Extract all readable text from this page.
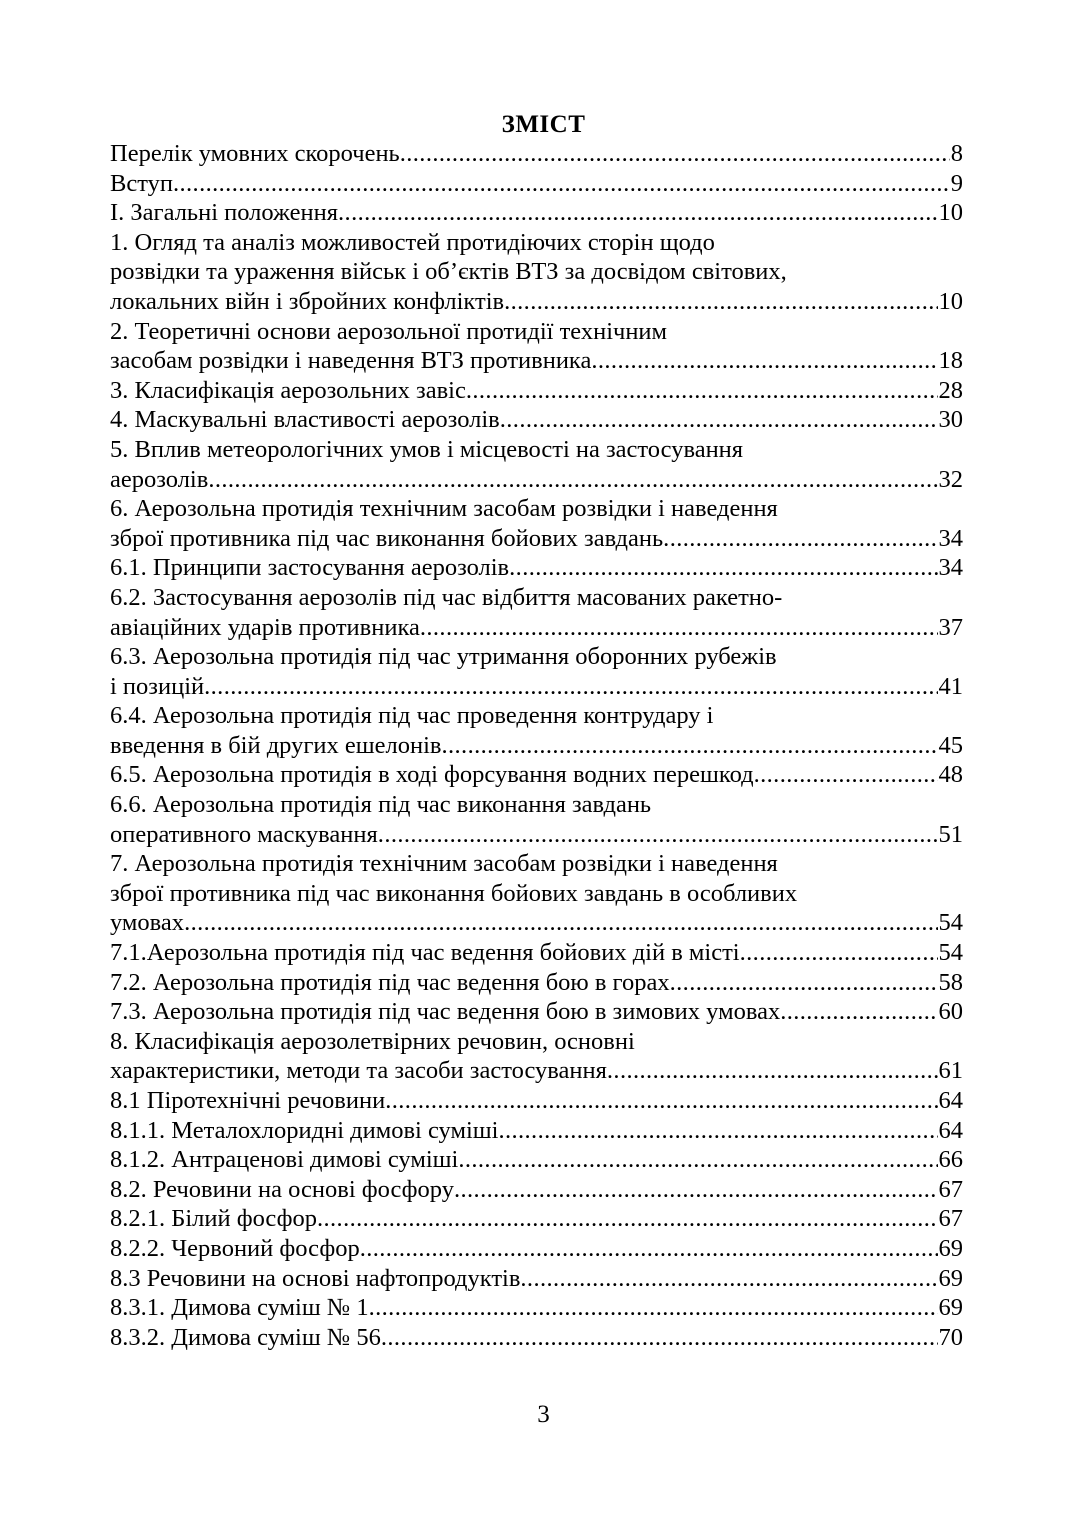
ЗМІСТ
Перелік умовних скорочень .....	8
Вступ .....	9
І. Загальні положення .....	10
1. Огляд та аналіз можливостей протидіючих сторін щодо
розвідки та ураження військ і об’єктів ВТЗ за досвідом світових,
локальних війн і збройних конфліктів .....	10
2. Теоретичні основи аерозольної протидії технічним
засобам розвідки і наведення ВТЗ противника .....	18
3. Класифікація аерозольних завіс .....	28
4. Маскувальні властивості аерозолів .....	30
5. Вплив метеорологічних умов і місцевості на застосування
аерозолів .....	32
6. Аерозольна протидія технічним засобам розвідки і наведення
зброї противника під час виконання бойових завдань .....	34
6.1. Принципи застосування аерозолів .....	34
6.2. Застосування аерозолів під час відбиття масованих ракетно-
авіаційних ударів противника .....	37
6.3. Аерозольна протидія під час утримання оборонних рубежів
і позицій .....	41
6.4. Аерозольна протидія під час проведення контрудару і
введення в бій других ешелонів .....	45
6.5. Аерозольна протидія в ході форсування водних перешкод .....	48
6.6. Аерозольна протидія під час виконання завдань
оперативного маскування .....	51
7. Аерозольна протидія технічним засобам розвідки і наведення
зброї противника під час виконання бойових завдань в особливих
умовах .....	54
7.1.Аерозольна протидія під час ведення бойових дій в місті .....	54
7.2. Аерозольна протидія під час ведення бою в горах .....	58
7.3. Аерозольна протидія під час ведення бою в зимових умовах .....	60
8. Класифікація аерозолетвірних речовин, основні
характеристики, методи та засоби застосування .....	61
8.1 Піротехнічні речовини .....	64
8.1.1. Металохлоридні димові суміші .....	64
8.1.2. Антраценові димові суміші .....	66
8.2. Речовини на основі фосфору .....	67
8.2.1. Білий фосфор .....	67
8.2.2. Червоний фосфор .....	69
8.3 Речовини на основі нафтопродуктів .....	69
8.3.1. Димова суміш № 1 .....	69
8.3.2. Димова суміш № 56 .....	70
3
